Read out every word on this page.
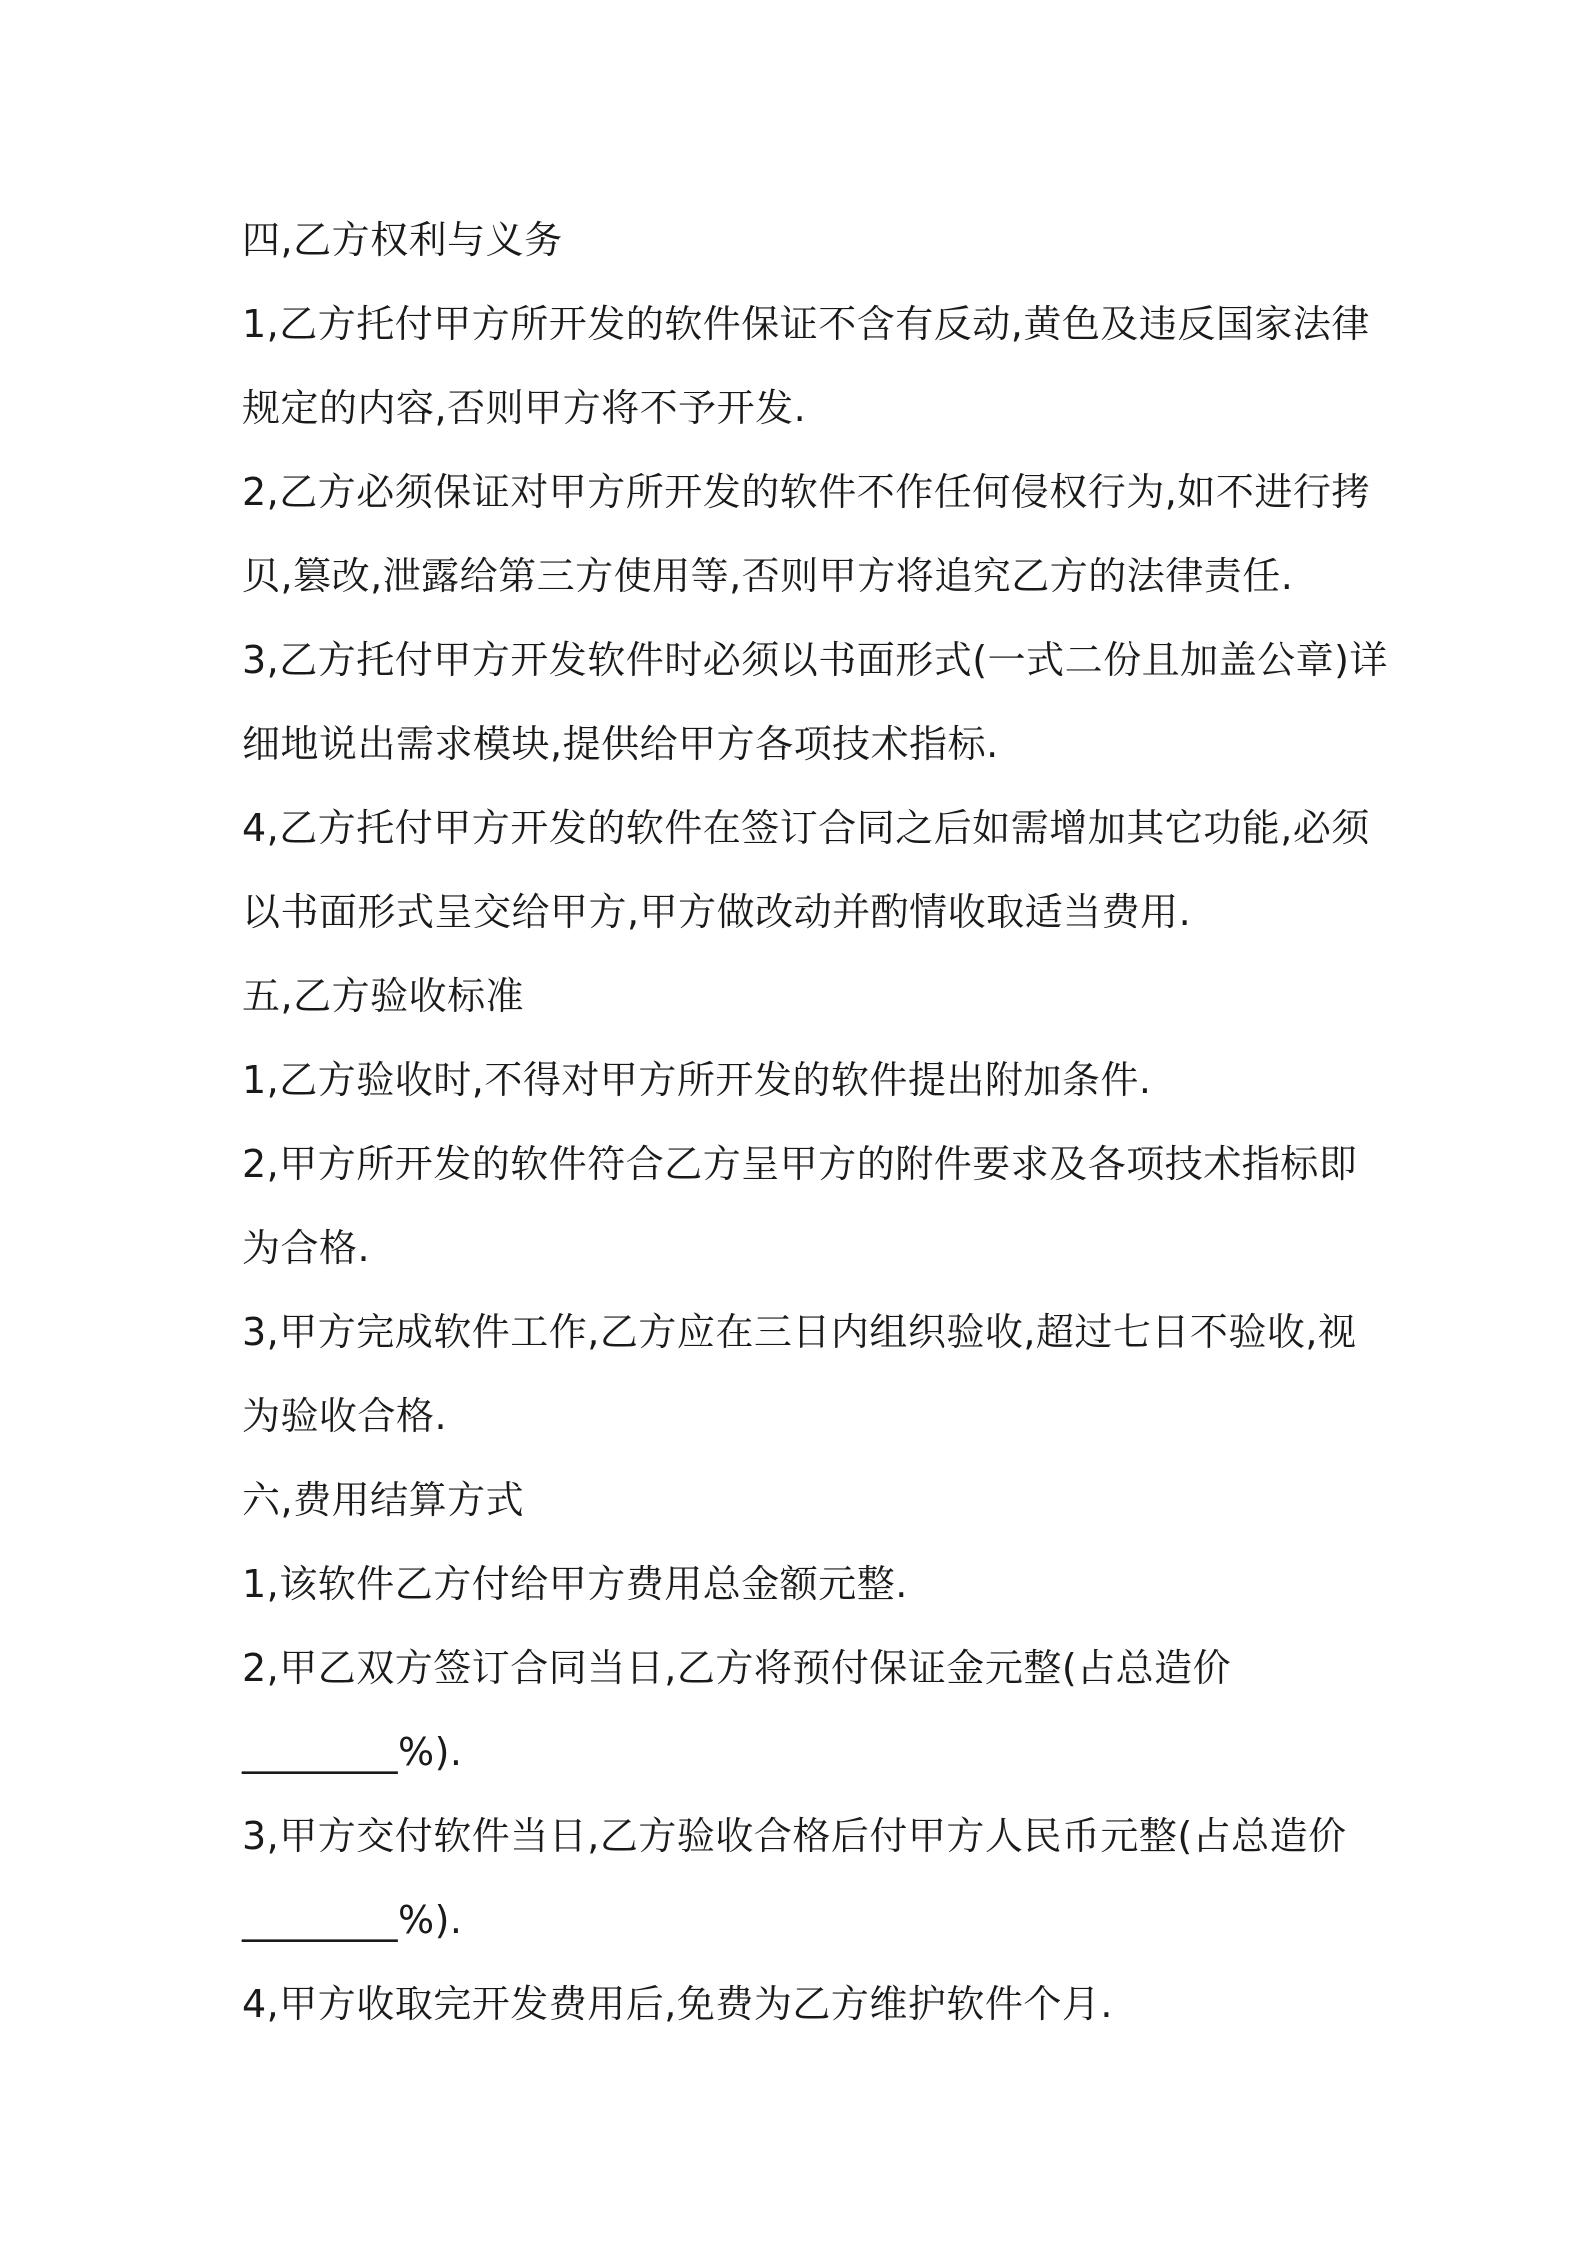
四,乙方权利与义务
1,乙方托付甲方所开发的软件保证不含有反动,黄色及违反国家法律
规定的内容,否则甲方将不予开发.
2,乙方必须保证对甲方所开发的软件不作任何侵权行为,如不进行拷
贝,篡改,泄露给第三方使用等,否则甲方将追究乙方的法律责任.
3,乙方托付甲方开发软件时必须以书面形式(一式二份且加盖公章)详
细地说出需求模块,提供给甲方各项技术指标.
4,乙方托付甲方开发的软件在签订合同之后如需增加其它功能,必须
以书面形式呈交给甲方,甲方做改动并酌情收取适当费用.
五,乙方验收标准
1,乙方验收时,不得对甲方所开发的软件提出附加条件.
2,甲方所开发的软件符合乙方呈甲方的附件要求及各项技术指标即
为合格.
3,甲方完成软件工作,乙方应在三日内组织验收,超过七日不验收,视
为验收合格.
六,费用结算方式
1,该软件乙方付给甲方费用总金额元整.
2,甲乙双方签订合同当日,乙方将预付保证金元整(占总造价
________%).
3,甲方交付软件当日,乙方验收合格后付甲方人民币元整(占总造价
________%).
4,甲方收取完开发费用后,免费为乙方维护软件个月.
